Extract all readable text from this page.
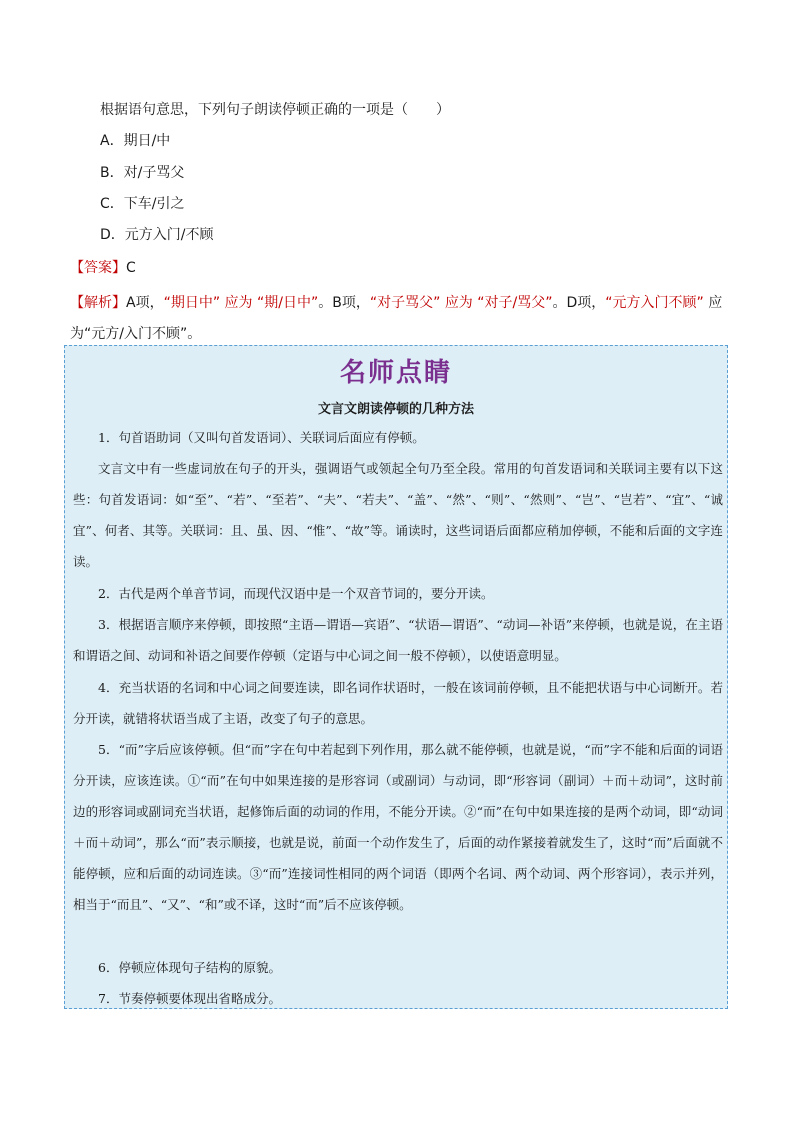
根据语句意思，下列句子朗读停顿正确的一项是（　　）
A．期日/中
B．对/子骂父
C．下车/引之
D．元方入门/不顾
【答案】C
【解析】A项，“期日中” 应为 “期/日中”。B项，“对子骂父” 应为 “对子/骂父”。D项，“元方入门不顾” 应为“元方/入门不顾”。
名师点睛
文言文朗读停顿的几种方法
1．句首语助词（又叫句首发语词）、关联词后面应有停顿。
文言文中有一些虚词放在句子的开头，强调语气或领起全句乃至全段。常用的句首发语词和关联词主要有以下这些：句首发语词：如“至”、“若”、“至若”、“夫”、“若夫”、“盖”、“然”、“则”、“然则”、“岂”、“岂若”、“宜”、“诚宜”、何者、其等。关联词：且、虽、因、“惟”、“故”等。诵读时，这些词语后面都应稍加停顿，不能和后面的文字连读。
2．古代是两个单音节词，而现代汉语中是一个双音节词的，要分开读。
3．根据语言顺序来停顿，即按照“主语—谓语—宾语”、“状语—谓语”、“动词—补语”来停顿，也就是说，在主语和谓语之间、动词和补语之间要作停顿（定语与中心词之间一般不停顿），以使语意明显。
4．充当状语的名词和中心词之间要连读，即名词作状语时，一般在该词前停顿，且不能把状语与中心词断开。若分开读，就错将状语当成了主语，改变了句子的意思。
5．“而”字后应该停顿。但“而”字在句中若起到下列作用，那么就不能停顿，也就是说，“而”字不能和后面的词语分开读，应该连读。①“而”在句中如果连接的是形容词（或副词）与动词，即“形容词（副词）＋而＋动词”，这时前边的形容词或副词充当状语，起修饰后面的动词的作用，不能分开读。②“而”在句中如果连接的是两个动词，即“动词＋而＋动词”，那么“而”表示顺接，也就是说，前面一个动作发生了，后面的动作紧接着就发生了，这时“而”后面就不能停顿，应和后面的动词连读。③“而”连接词性相同的两个词语（即两个名词、两个动词、两个形容词），表示并列，相当于“而且”、“又”、“和”或不译，这时“而”后不应该停顿。
6．停顿应体现句子结构的原貌。
7．节奏停顿要体现出省略成分。
